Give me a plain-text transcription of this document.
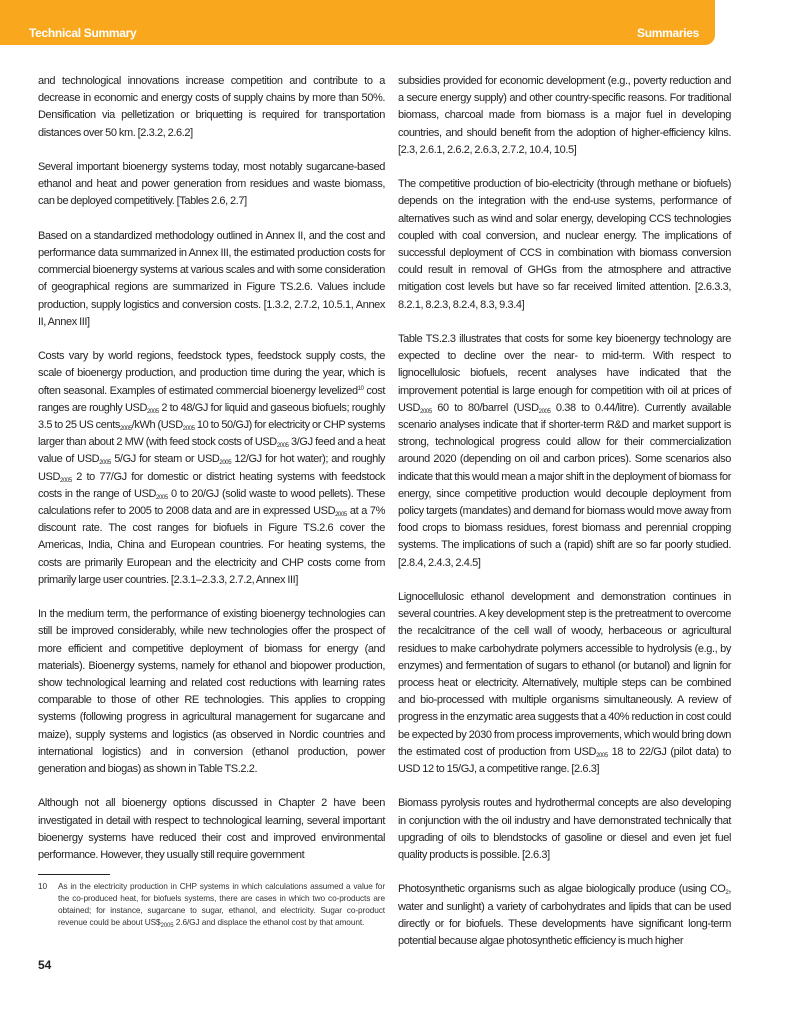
Technical Summary	Summaries

and technological innovations increase competition and contribute to a decrease in economic and energy costs of supply chains by more than 50%. Densification via pelletization or briquetting is required for transportation distances over 50 km. [2.3.2, 2.6.2]

Several important bioenergy systems today, most notably sugarcane-based ethanol and heat and power generation from residues and waste biomass, can be deployed competitively. [Tables 2.6, 2.7]

Based on a standardized methodology outlined in Annex II, and the cost and performance data summarized in Annex III, the estimated production costs for commercial bioenergy systems at various scales and with some consideration of geographical regions are summarized in Figure TS.2.6. Values include production, supply logistics and conversion costs. [1.3.2, 2.7.2, 10.5.1, Annex II, Annex III]

Costs vary by world regions, feedstock types, feedstock supply costs, the scale of bioenergy production, and production time during the year, which is often seasonal. Examples of estimated commercial bioenergy levelized$^{10}$ cost ranges are roughly $USD_{2005}$ 2 to 48/GJ for liquid and gaseous biofuels; roughly 3.5 to 25 US cents$_{2005}$/kWh ($USD_{2005}$ 10 to 50/GJ) for electricity or CHP systems larger than about 2 MW (with feed stock costs of $USD_{2005}$ 3/GJ feed and a heat value of $USD_{2005}$ 5/GJ for steam or $USD_{2005}$ 12/GJ for hot water); and roughly $USD_{2005}$ 2 to 77/GJ for domestic or district heating systems with feedstock costs in the range of $USD_{2005}$ 0 to 20/GJ (solid waste to wood pellets). These calculations refer to 2005 to 2008 data and are in expressed $USD_{2005}$ at a 7% discount rate. The cost ranges for biofuels in Figure TS.2.6 cover the Americas, India, China and European countries. For heating systems, the costs are primarily European and the electricity and CHP costs come from primarily large user countries. [2.3.1–2.3.3, 2.7.2, Annex III]

In the medium term, the performance of existing bioenergy technologies can still be improved considerably, while new technologies offer the prospect of more efficient and competitive deployment of biomass for energy (and materials). Bioenergy systems, namely for ethanol and biopower production, show technological learning and related cost reductions with learning rates comparable to those of other RE technologies. This applies to cropping systems (following progress in agricultural management for sugarcane and maize), supply systems and logistics (as observed in Nordic countries and international logistics) and in conversion (ethanol production, power generation and biogas) as shown in Table TS.2.2.

Although not all bioenergy options discussed in Chapter 2 have been investigated in detail with respect to technological learning, several important bioenergy systems have reduced their cost and improved environmental performance. However, they usually still require government

10 As in the electricity production in CHP systems in which calculations assumed a value for the co-produced heat, for biofuels systems, there are cases in which two co-products are obtained; for instance, sugarcane to sugar, ethanol, and electricity. Sugar co-product revenue could be about $US\$_{2005}$ 2.6/GJ and displace the ethanol cost by that amount.
54

subsidies provided for economic development (e.g., poverty reduction and a secure energy supply) and other country-specific reasons. For traditional biomass, charcoal made from biomass is a major fuel in developing countries, and should benefit from the adoption of higher-efficiency kilns. [2.3, 2.6.1, 2.6.2, 2.6.3, 2.7.2, 10.4, 10.5]

The competitive production of bio-electricity (through methane or biofuels) depends on the integration with the end-use systems, performance of alternatives such as wind and solar energy, developing CCS technologies coupled with coal conversion, and nuclear energy. The implications of successful deployment of CCS in combination with biomass conversion could result in removal of GHGs from the atmosphere and attractive mitigation cost levels but have so far received limited attention. [2.6.3.3, 8.2.1, 8.2.3, 8.2.4, 8.3, 9.3.4]

Table TS.2.3 illustrates that costs for some key bioenergy technology are expected to decline over the near- to mid-term. With respect to lignocellulosic biofuels, recent analyses have indicated that the improvement potential is large enough for competition with oil at prices of $USD_{2005}$ 60 to 80/barrel ($USD_{2005}$ 0.38 to 0.44/litre). Currently available scenario analyses indicate that if shorter-term R&D and market support is strong, technological progress could allow for their commercialization around 2020 (depending on oil and carbon prices). Some scenarios also indicate that this would mean a major shift in the deployment of biomass for energy, since competitive production would decouple deployment from policy targets (mandates) and demand for biomass would move away from food crops to biomass residues, forest biomass and perennial cropping systems. The implications of such a (rapid) shift are so far poorly studied. [2.8.4, 2.4.3, 2.4.5]

Lignocellulosic ethanol development and demonstration continues in several countries. A key development step is the pretreatment to overcome the recalcitrance of the cell wall of woody, herbaceous or agricultural residues to make carbohydrate polymers accessible to hydrolysis (e.g., by enzymes) and fermentation of sugars to ethanol (or butanol) and lignin for process heat or electricity. Alternatively, multiple steps can be combined and bio-processed with multiple organisms simultaneously. A review of progress in the enzymatic area suggests that a 40% reduction in cost could be expected by 2030 from process improvements, which would bring down the estimated cost of production from $USD_{2005}$ 18 to 22/GJ (pilot data) to USD 12 to 15/GJ, a competitive range. [2.6.3]

Biomass pyrolysis routes and hydrothermal concepts are also developing in conjunction with the oil industry and have demonstrated technically that upgrading of oils to blendstocks of gasoline or diesel and even jet fuel quality products is possible. [2.6.3]

Photosynthetic organisms such as algae biologically produce (using $CO_2$, water and sunlight) a variety of carbohydrates and lipids that can be used directly or for biofuels. These developments have significant long-term potential because algae photosynthetic efficiency is much higher
